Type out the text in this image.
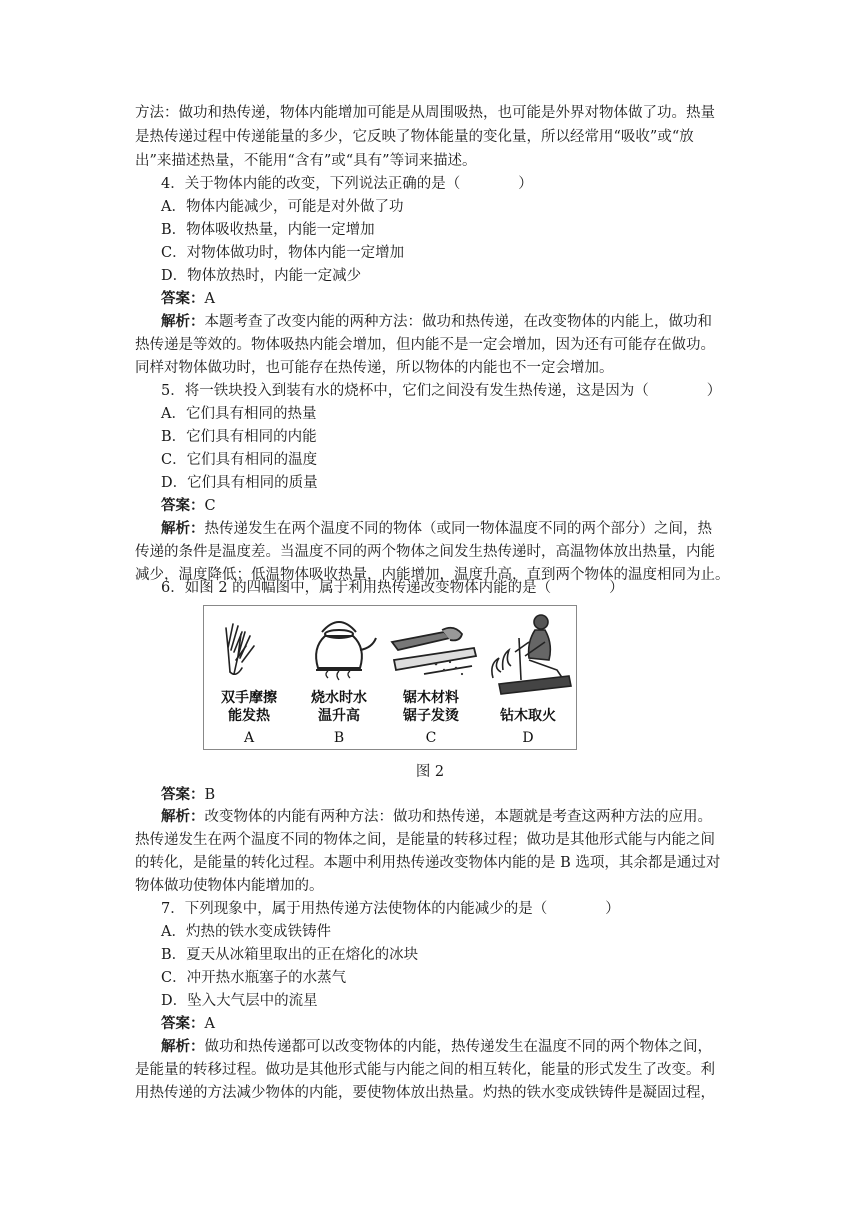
方法：做功和热传递，物体内能增加可能是从周围吸热，也可能是外界对物体做了功。热量
是热传递过程中传递能量的多少，它反映了物体能量的变化量，所以经常用“吸收”或“放
出”来描述热量，不能用“含有”或“具有”等词来描述。
4．关于物体内能的改变，下列说法正确的是（　　　　）
A．物体内能减少，可能是对外做了功
B．物体吸收热量，内能一定增加
C．对物体做功时，物体内能一定增加
D．物体放热时，内能一定减少
答案：A
解析：本题考查了改变内能的两种方法：做功和热传递，在改变物体的内能上，做功和
热传递是等效的。物体吸热内能会增加，但内能不是一定会增加，因为还有可能存在做功。
同样对物体做功时，也可能存在热传递，所以物体的内能也不一定会增加。
5．将一铁块投入到装有水的烧杯中，它们之间没有发生热传递，这是因为（　　　　）
A．它们具有相同的热量
B．它们具有相同的内能
C．它们具有相同的温度
D．它们具有相同的质量
答案：C
解析：热传递发生在两个温度不同的物体（或同一物体温度不同的两个部分）之间，热
传递的条件是温度差。当温度不同的两个物体之间发生热传递时，高温物体放出热量，内能
减少，温度降低；低温物体吸收热量，内能增加，温度升高，直到两个物体的温度相同为止。
6．如图 2 的四幅图中，属于利用热传递改变物体内能的是（　　　　）
双手摩擦
能发热
A
烧水时水
温升高
B
锯木材料
锯子发烫
C
钻木取火
D
图 2
答案：B
解析：改变物体的内能有两种方法：做功和热传递，本题就是考查这两种方法的应用。
热传递发生在两个温度不同的物体之间，是能量的转移过程；做功是其他形式能与内能之间
的转化，是能量的转化过程。本题中利用热传递改变物体内能的是 B 选项，其余都是通过对
物体做功使物体内能增加的。
7．下列现象中，属于用热传递方法使物体的内能减少的是（　　　　）
A．灼热的铁水变成铁铸件
B．夏天从冰箱里取出的正在熔化的冰块
C．冲开热水瓶塞子的水蒸气
D．坠入大气层中的流星
答案：A
解析：做功和热传递都可以改变物体的内能，热传递发生在温度不同的两个物体之间，
是能量的转移过程。做功是其他形式能与内能之间的相互转化，能量的形式发生了改变。利
用热传递的方法减少物体的内能，要使物体放出热量。灼热的铁水变成铁铸件是凝固过程，
